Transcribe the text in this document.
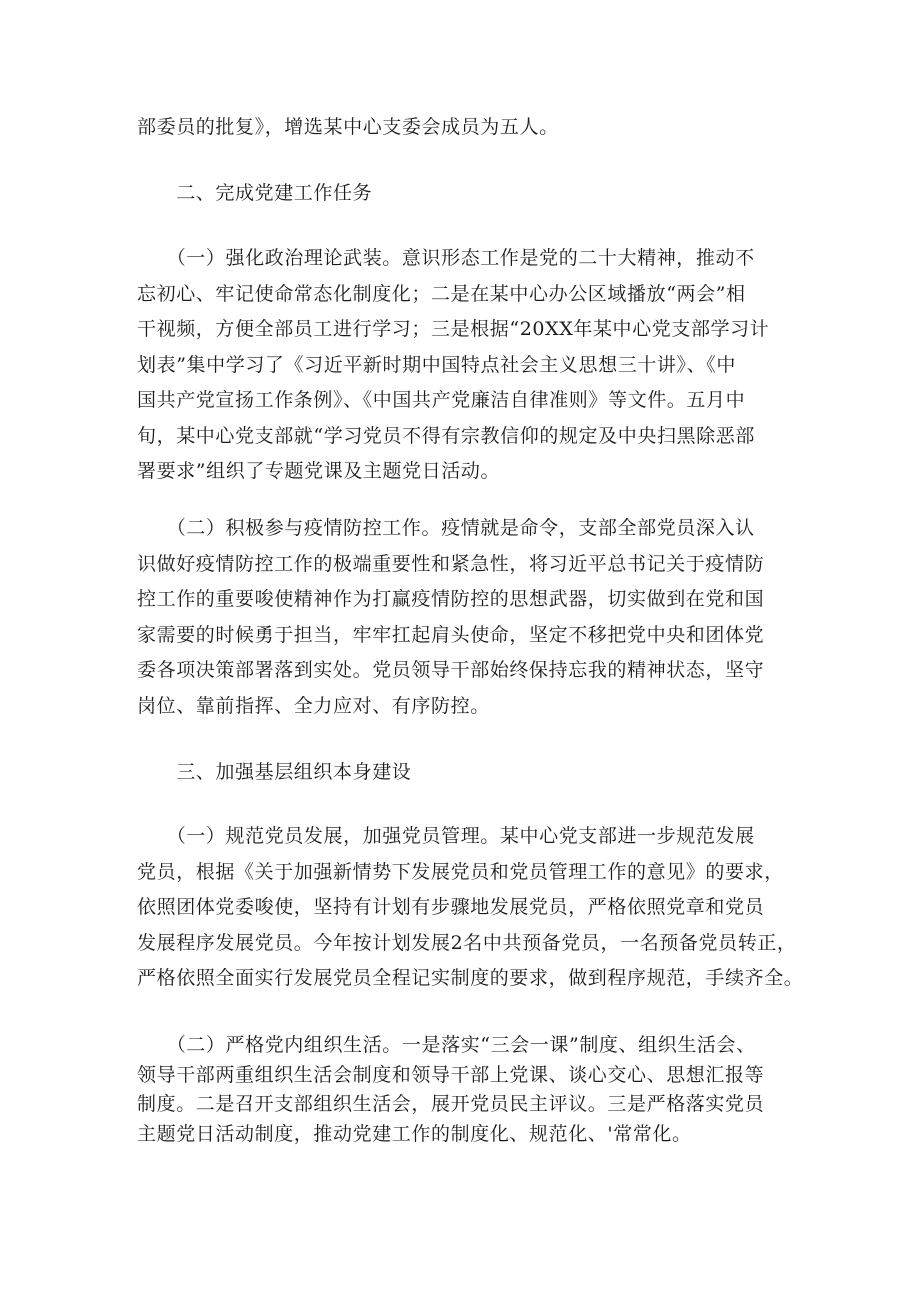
部委员的批复》，增选某中心支委会成员为五人。
　　二、完成党建工作任务
　　（一）强化政治理论武装。意识形态工作是党的二十大精神，推动不
忘初心、牢记使命常态化制度化；二是在某中心办公区域播放“两会”相
干视频，方便全部员工进行学习；三是根据“20XX年某中心党支部学习计
划表”集中学习了《习近平新时期中国特点社会主义思想三十讲》、《中
国共产党宣扬工作条例》、《中国共产党廉洁自律准则》等文件。五月中
旬，某中心党支部就“学习党员不得有宗教信仰的规定及中央扫黑除恶部
署要求”组织了专题党课及主题党日活动。
　　（二）积极参与疫情防控工作。疫情就是命令，支部全部党员深入认
识做好疫情防控工作的极端重要性和紧急性，将习近平总书记关于疫情防
控工作的重要唆使精神作为打赢疫情防控的思想武器，切实做到在党和国
家需要的时候勇于担当，牢牢扛起肩头使命，坚定不移把党中央和团体党
委各项决策部署落到实处。党员领导干部始终保持忘我的精神状态，坚守
岗位、靠前指挥、全力应对、有序防控。
　　三、加强基层组织本身建设
　　（一）规范党员发展，加强党员管理。某中心党支部进一步规范发展
党员，根据《关于加强新情势下发展党员和党员管理工作的意见》的要求，
依照团体党委唆使，坚持有计划有步骤地发展党员，严格依照党章和党员
发展程序发展党员。今年按计划发展2名中共预备党员，一名预备党员转正，
严格依照全面实行发展党员全程记实制度的要求，做到程序规范，手续齐全。
　　（二）严格党内组织生活。一是落实“三会一课”制度、组织生活会、
领导干部两重组织生活会制度和领导干部上党课、谈心交心、思想汇报等
制度。二是召开支部组织生活会，展开党员民主评议。三是严格落实党员
主题党日活动制度，推动党建工作的制度化、规范化、'常常化。
